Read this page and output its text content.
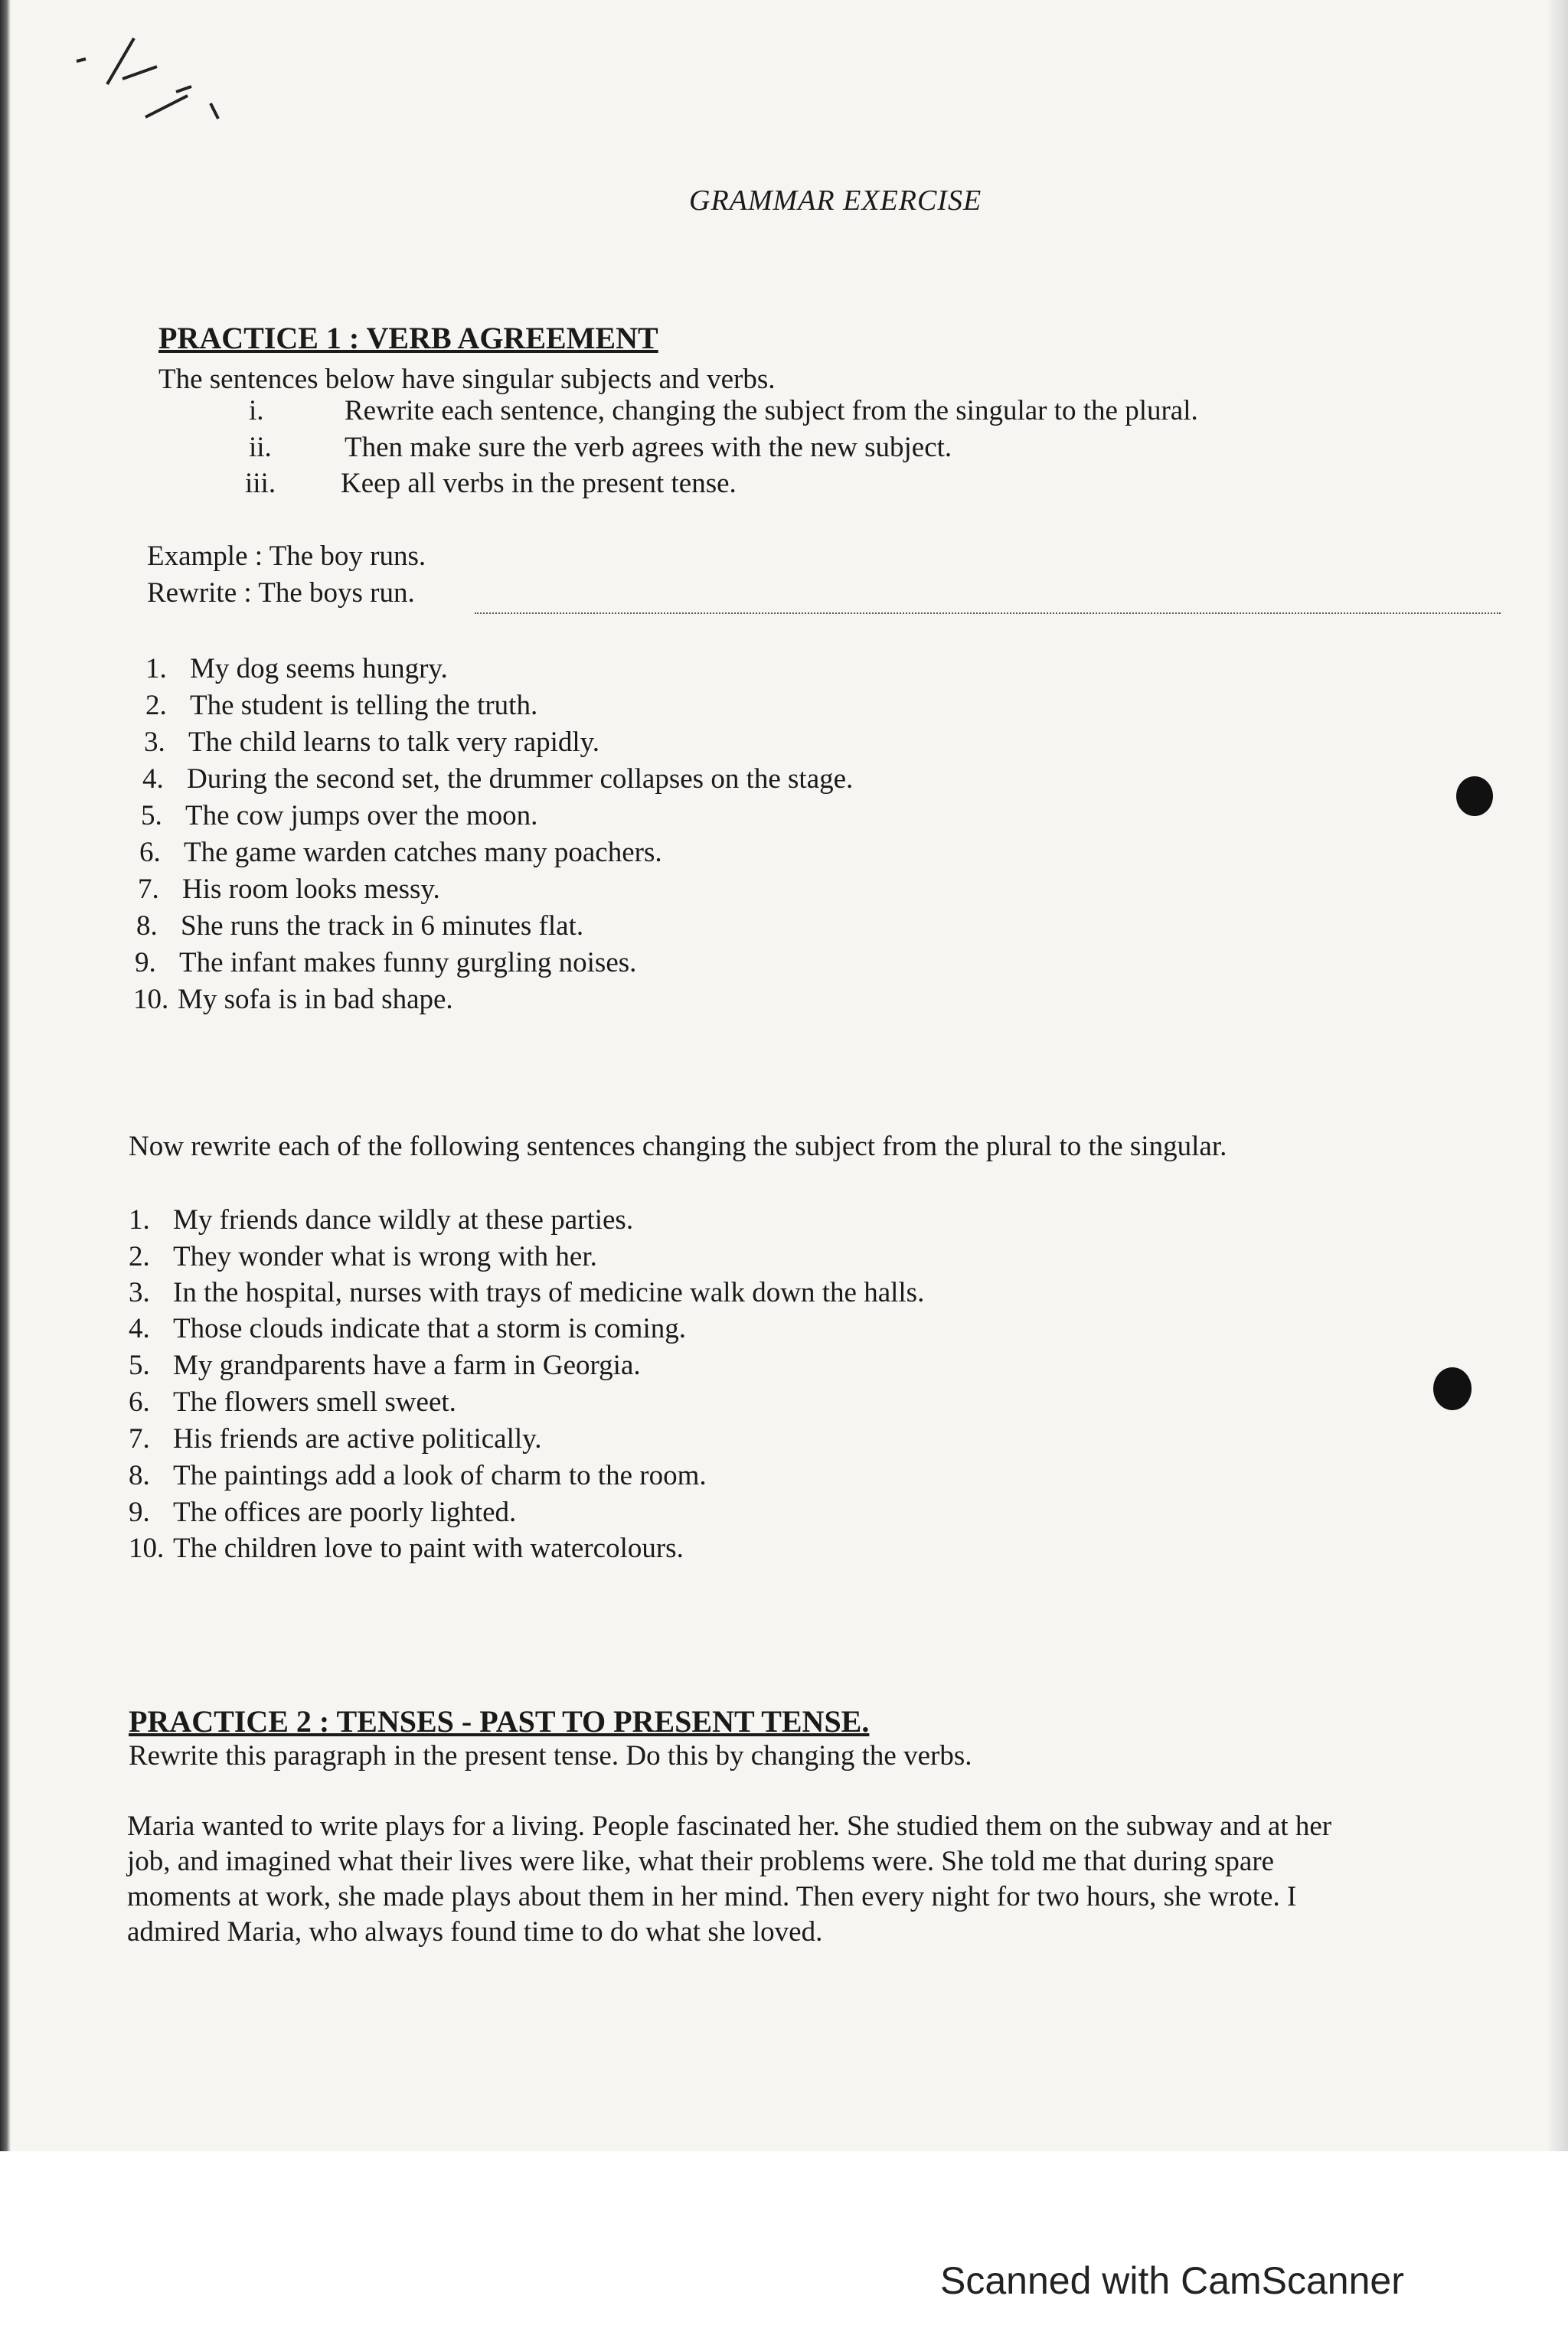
GRAMMAR EXERCISE
PRACTICE 1 : VERB AGREEMENT

The sentences below have singular subjects and verbs.

i.	Rewrite each sentence, changing the subject from the singular to the plural.

ii.	Then make sure the verb agrees with the new subject.

iii. Keep all verbs in the present tense.

Example : The boy runs.

Rewrite : The boys run.

1. My dog seems hungry.

2. The student is telling the truth.

3. The child learns to talk very rapidly.

4. During the second set, the drummer collapses on the stage.

5. The cow jumps over the moon.

6. The game warden catches many poachers.

7. His room looks messy.

8. She runs the track in 6 minutes flat.

9. The infant makes funny gurgling noises.

10. My sofa is in bad shape.

Now rewrite each of the following sentences changing the subject from the plural to the singular.

1. My friends dance wildly at these parties.

2. They wonder what is wrong with her.

3. In the hospital, nurses with trays of medicine walk down the halls.

4. Those clouds indicate that a storm is coming.

5. My grandparents have a farm in Georgia.

6. The flowers smell sweet.

7. His friends are active politically.

8. The paintings add a look of charm to the room.

9. The offices are poorly lighted.

10. The children love to paint with watercolours.

PRACTICE 2 : TENSES - PAST TO PRESENT TENSE.

Rewrite this paragraph in the present tense. Do this by changing the verbs.

Maria wanted to write plays for a living. People fascinated her. She studied them on the subway and at her

job, and imagined what their lives were like, what their problems were. She told me that during spare

moments at work, she made plays about them in her mind. Then every night for two hours, she wrote. I

admired Maria, who always found time to do what she loved.

Scanned with CamScanner
